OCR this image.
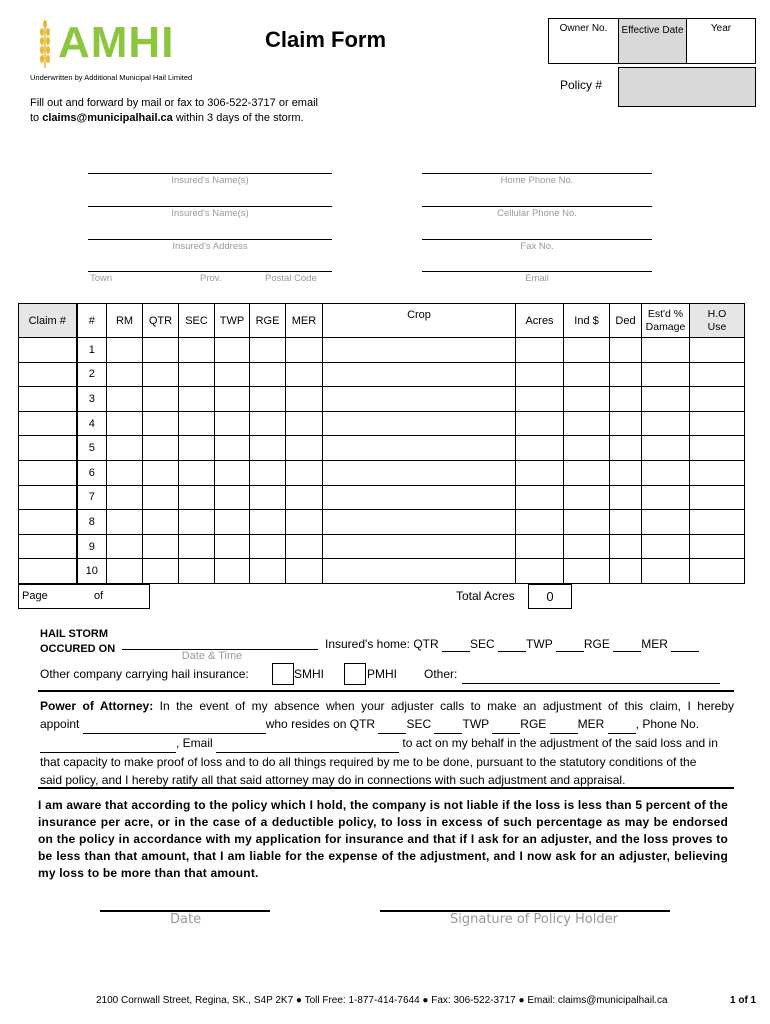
AMHI
Underwritten by Additional Municipal Hail Limited
Claim Form
Fill out and forward by mail or fax to 306-522-3717 or email
to claims@municipalhail.ca within 3 days of the storm.
Owner No.	Effective Date	Year
Policy #
Insured's Name(s)
Insured's Name(s)
Insured's Address
Town	Prov.	Postal Code
Home Phone No.
Cellular Phone No.
Fax No.
Email
Claim #	#	RM	QTR	SEC	TWP	RGE	MER	Crop	Acres	Ind $	Ded	Est'd % Damage	H.O Use
	1												
	2												
	3												
	4												
	5												
	6												
	7												
	8												
	9												
	10												
Page	of	Total Acres	0
HAIL STORM
OCCURED ON
Date & Time
Insured's home: QTR	SEC	TWP	RGE	MER
Other company carrying hail insurance:	SMHI	PMHI Other:
Power of Attorney: In the event of my absence when your adjuster calls to make an adjustment of this claim, I hereby
appoint	who resides on QTR	SEC	TWP	RGE	MER	, Phone No.
, Email	to act on my behalf in the adjustment of the said loss and in
that capacity to make proof of loss and to do all things required by me to be done, pursuant to the statutory conditions of the
said policy, and I hereby ratify all that said attorney may do in connections with such adjustment and appraisal.
I am aware that according to the policy which I hold, the company is not liable if the loss is less than 5 percent of the insurance per acre, or in the case of a deductible policy, to loss in excess of such percentage as may be endorsed on the policy in accordance with my application for insurance and that if I ask for an adjuster, and the loss proves to be less than that amount, that I am liable for the expense of the adjustment, and I now ask for an adjuster, believing my loss to be more than that amount.
Date	Signature of Policy Holder
2100 Cornwall Street, Regina, SK., S4P 2K7 ● Toll Free: 1-877-414-7644 ● Fax: 306-522-3717 ● Email: claims@municipalhail.ca	1 of 1
